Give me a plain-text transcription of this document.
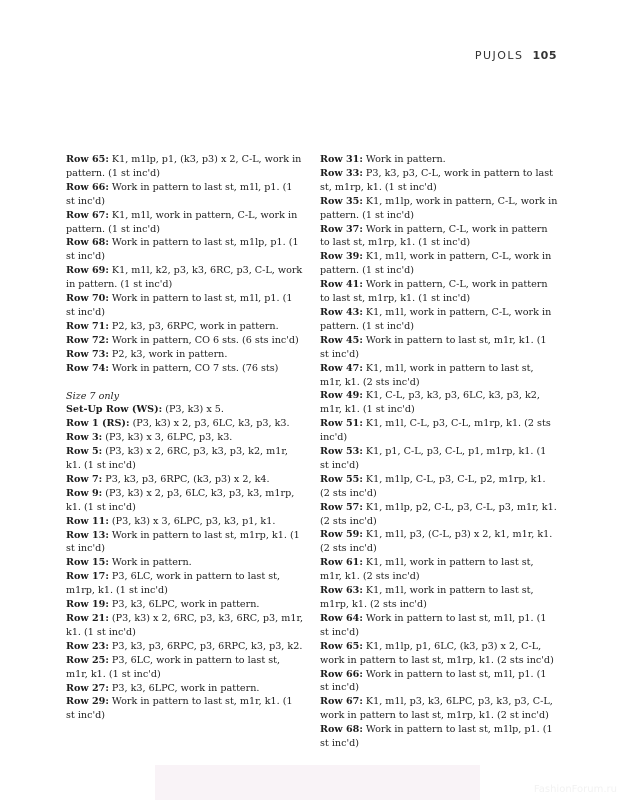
PUJOLS 105

Row 65: K1, m1lp, p1, (k3, p3) x 2, C-L, work in pattern. (1 st inc'd)

Row 66: Work in pattern to last st, m1l, p1. (1 st inc'd)

Row 67: K1, m1l, work in pattern, C-L, work in pattern. (1 st inc'd)

Row 68: Work in pattern to last st, m1lp, p1. (1 st inc'd)

Row 69: K1, m1l, k2, p3, k3, 6RC, p3, C-L, work in pattern. (1 st inc'd)

Row 70: Work in pattern to last st, m1l, p1. (1 st inc'd)

Row 71: P2, k3, p3, 6RPC, work in pattern.

Row 72: Work in pattern, CO 6 sts. (6 sts inc'd)

Row 73: P2, k3, work in pattern.

Row 74: Work in pattern, CO 7 sts. (76 sts)

Size 7 only

Set-Up Row (WS): (P3, k3) x 5.

Row 1 (RS): (P3, k3) x 2, p3, 6LC, k3, p3, k3.

Row 3: (P3, k3) x 3, 6LPC, p3, k3.

Row 5: (P3, k3) x 2, 6RC, p3, k3, p3, k2, m1r, k1. (1 st inc'd)

Row 7: P3, k3, p3, 6RPC, (k3, p3) x 2, k4.

Row 9: (P3, k3) x 2, p3, 6LC, k3, p3, k3, m1rp, k1. (1 st inc'd)

Row 11: (P3, k3) x 3, 6LPC, p3, k3, p1, k1.

Row 13: Work in pattern to last st, m1rp, k1. (1 st inc'd)

Row 15: Work in pattern.

Row 17: P3, 6LC, work in pattern to last st, m1rp, k1. (1 st inc'd)

Row 19: P3, k3, 6LPC, work in pattern.

Row 21: (P3, k3) x 2, 6RC, p3, k3, 6RC, p3, m1r, k1. (1 st inc'd)

Row 23: P3, k3, p3, 6RPC, p3, 6RPC, k3, p3, k2.

Row 25: P3, 6LC, work in pattern to last st, m1r, k1. (1 st inc'd)

Row 27: P3, k3, 6LPC, work in pattern.

Row 29: Work in pattern to last st, m1r, k1. (1 st inc'd)

Row 31: Work in pattern.

Row 33: P3, k3, p3, C-L, work in pattern to last st, m1rp, k1. (1 st inc'd)

Row 35: K1, m1lp, work in pattern, C-L, work in pattern. (1 st inc'd)

Row 37: Work in pattern, C-L, work in pattern to last st, m1rp, k1. (1 st inc'd)

Row 39: K1, m1l, work in pattern, C-L, work in pattern. (1 st inc'd)

Row 41: Work in pattern, C-L, work in pattern to last st, m1rp, k1. (1 st inc'd)

Row 43: K1, m1l, work in pattern, C-L, work in pattern. (1 st inc'd)

Row 45: Work in pattern to last st, m1r, k1. (1 st inc'd)

Row 47: K1, m1l, work in pattern to last st, m1r, k1. (2 sts inc'd)

Row 49: K1, C-L, p3, k3, p3, 6LC, k3, p3, k2, m1r, k1. (1 st inc'd)

Row 51: K1, m1l, C-L, p3, C-L, m1rp, k1. (2 sts inc'd)

Row 53: K1, p1, C-L, p3, C-L, p1, m1rp, k1. (1 st inc'd)

Row 55: K1, m1lp, C-L, p3, C-L, p2, m1rp, k1. (2 sts inc'd)

Row 57: K1, m1lp, p2, C-L, p3, C-L, p3, m1r, k1. (2 sts inc'd)

Row 59: K1, m1l, p3, (C-L, p3) x 2, k1, m1r, k1. (2 sts inc'd)

Row 61: K1, m1l, work in pattern to last st, m1r, k1. (2 sts inc'd)

Row 63: K1, m1l, work in pattern to last st, m1rp, k1. (2 sts inc'd)

Row 64: Work in pattern to last st, m1l, p1. (1 st inc'd)

Row 65: K1, m1lp, p1, 6LC, (k3, p3) x 2, C-L, work in pattern to last st, m1rp, k1. (2 sts inc'd)

Row 66: Work in pattern to last st, m1l, p1. (1 st inc'd)

Row 67: K1, m1l, p3, k3, 6LPC, p3, k3, p3, C-L, work in pattern to last st, m1rp, k1. (2 st inc'd)

Row 68: Work in pattern to last st, m1lp, p1. (1 st inc'd)

FashionForum.ru
